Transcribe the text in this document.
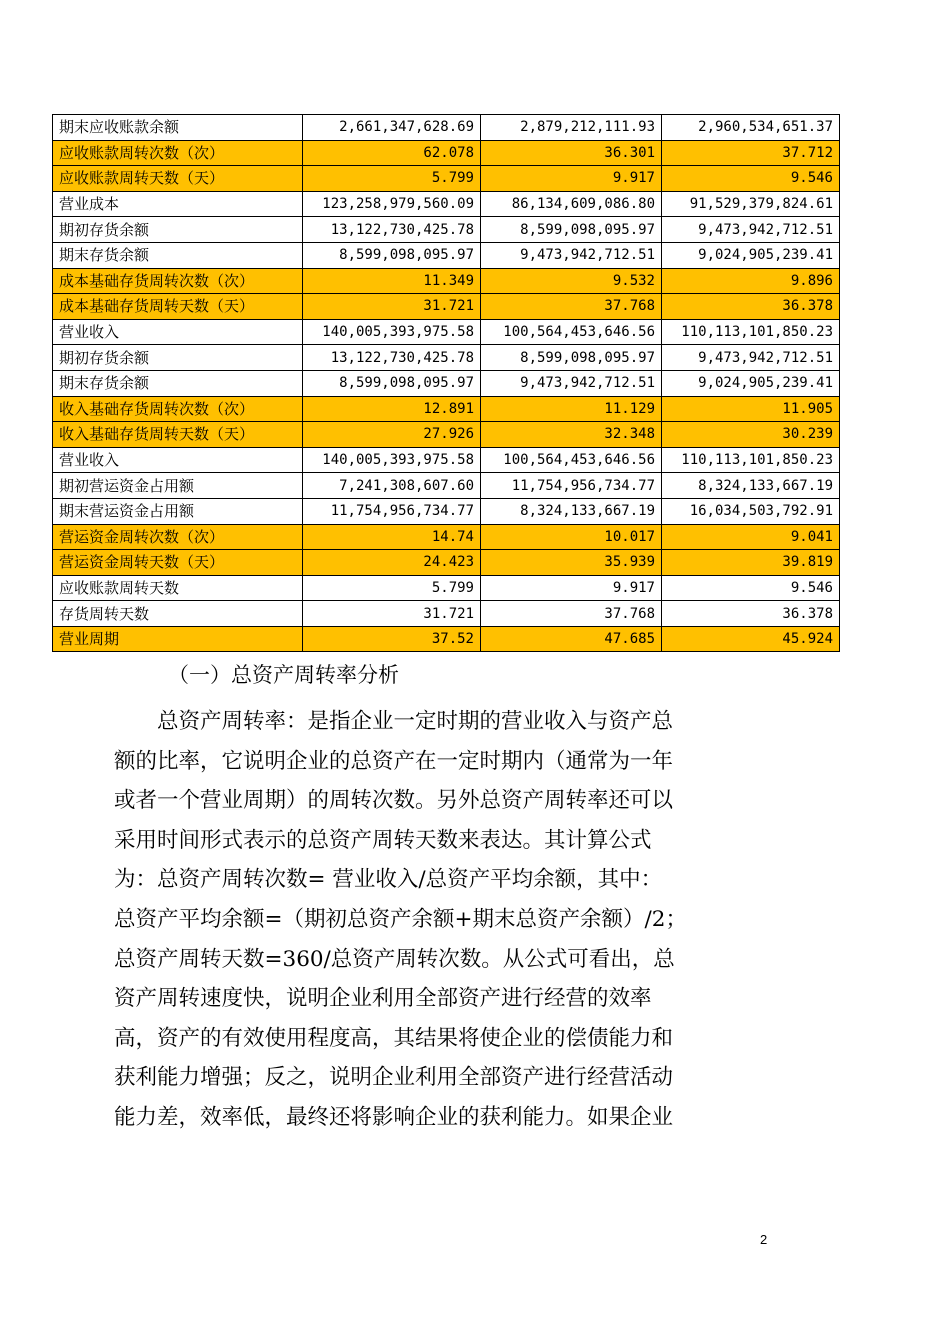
期末应收账款余额	2,661,347,628.69	2,879,212,111.93	2,960,534,651.37
应收账款周转次数（次）	62.078	36.301	37.712
应收账款周转天数（天）	5.799	9.917	9.546
营业成本	123,258,979,560.09	86,134,609,086.80	91,529,379,824.61
期初存货余额	13,122,730,425.78	8,599,098,095.97	9,473,942,712.51
期末存货余额	8,599,098,095.97	9,473,942,712.51	9,024,905,239.41
成本基础存货周转次数（次）	11.349	9.532	9.896
成本基础存货周转天数（天）	31.721	37.768	36.378
营业收入	140,005,393,975.58	100,564,453,646.56	110,113,101,850.23
期初存货余额	13,122,730,425.78	8,599,098,095.97	9,473,942,712.51
期末存货余额	8,599,098,095.97	9,473,942,712.51	9,024,905,239.41
收入基础存货周转次数（次）	12.891	11.129	11.905
收入基础存货周转天数（天）	27.926	32.348	30.239
营业收入	140,005,393,975.58	100,564,453,646.56	110,113,101,850.23
期初营运资金占用额	7,241,308,607.60	11,754,956,734.77	8,324,133,667.19
期末营运资金占用额	11,754,956,734.77	8,324,133,667.19	16,034,503,792.91
营运资金周转次数（次）	14.74	10.017	9.041
营运资金周转天数（天）	24.423	35.939	39.819
应收账款周转天数	5.799	9.917	9.546
存货周转天数	31.721	37.768	36.378
营业周期	37.52	47.685	45.924
（一）总资产周转率分析
　　总资产周转率：是指企业一定时期的营业收入与资产总
额的比率，它说明企业的总资产在一定时期内（通常为一年
或者一个营业周期）的周转次数。另外总资产周转率还可以
采用时间形式表示的总资产周转天数来表达。其计算公式
为：总资产周转次数= 营业收入/总资产平均余额，其中：
总资产平均余额=（期初总资产余额+期末总资产余额）/2；
总资产周转天数=360/总资产周转次数。从公式可看出，总
资产周转速度快，说明企业利用全部资产进行经营的效率
高，资产的有效使用程度高，其结果将使企业的偿债能力和
获利能力增强；反之，说明企业利用全部资产进行经营活动
能力差，效率低，最终还将影响企业的获利能力。如果企业
2
